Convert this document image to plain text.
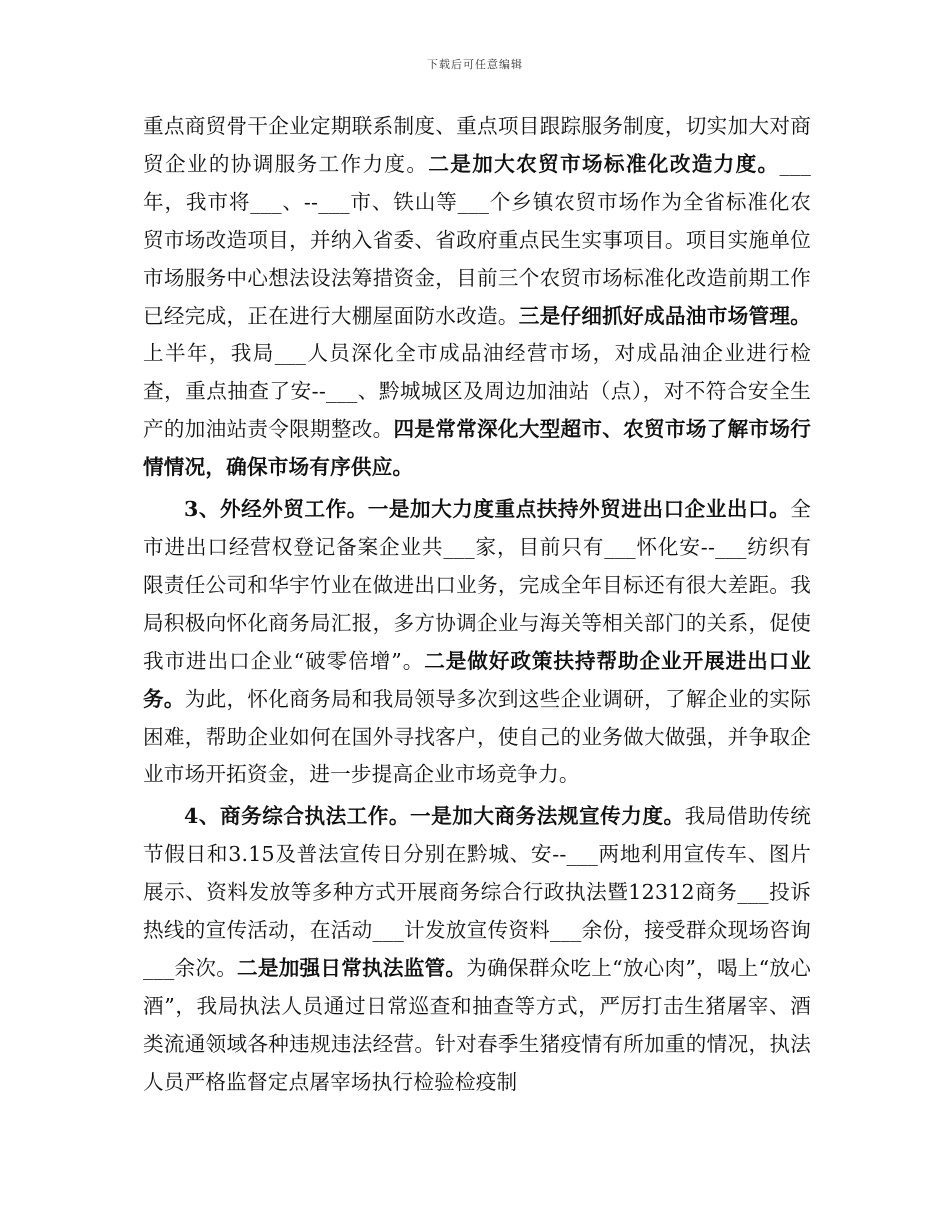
下载后可任意编辑

重点商贸骨干企业定期联系制度、重点项目跟踪服务制度，切实加大对商贸企业的协调服务工作力度。二是加大农贸市场标准化改造力度。___年，我市将___、--___市、铁山等___个乡镇农贸市场作为全省标准化农贸市场改造项目，并纳入省委、省政府重点民生实事项目。项目实施单位市场服务中心想法设法筹措资金，目前三个农贸市场标准化改造前期工作已经完成，正在进行大棚屋面防水改造。三是仔细抓好成品油市场管理。上半年，我局___人员深化全市成品油经营市场，对成品油企业进行检查，重点抽查了安--___、黔城城区及周边加油站（点），对不符合安全生产的加油站责令限期整改。四是常常深化大型超市、农贸市场了解市场行情情况，确保市场有序供应。

3、外经外贸工作。一是加大力度重点扶持外贸进出口企业出口。全市进出口经营权登记备案企业共___家，目前只有___怀化安--___纺织有限责任公司和华宇竹业在做进出口业务，完成全年目标还有很大差距。我局积极向怀化商务局汇报，多方协调企业与海关等相关部门的关系，促使我市进出口企业“破零倍增”。二是做好政策扶持帮助企业开展进出口业务。为此，怀化商务局和我局领导多次到这些企业调研，了解企业的实际困难，帮助企业如何在国外寻找客户，使自己的业务做大做强，并争取企业市场开拓资金，进一步提高企业市场竞争力。

4、商务综合执法工作。一是加大商务法规宣传力度。我局借助传统节假日和3.15及普法宣传日分别在黔城、安--___两地利用宣传车、图片展示、资料发放等多种方式开展商务综合行政执法暨12312商务___投诉热线的宣传活动，在活动___计发放宣传资料___余份，接受群众现场咨询___余次。二是加强日常执法监管。为确保群众吃上“放心肉”，喝上“放心酒”，我局执法人员通过日常巡查和抽查等方式，严厉打击生猪屠宰、酒类流通领域各种违规违法经营。针对春季生猪疫情有所加重的情况，执法人员严格监督定点屠宰场执行检验检疫制
